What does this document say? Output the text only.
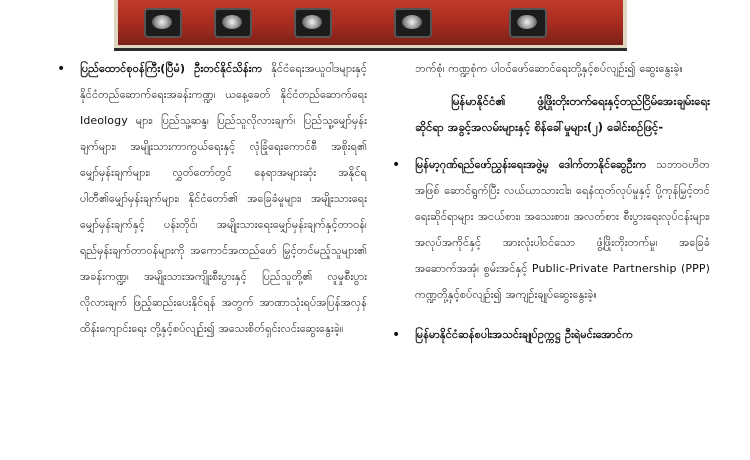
• ပြည်ထောင်စုဝန်ကြီး(ပြီမံ) ဦးတင်နိုင်သိန်းက နိုင်ငံရေးအယူဝါဒများနှင့် နိုင်ငံတည်ဆောက်ရေးအခန်းကဏ္ဍ၊ ယနေ့ခေတ် နိုင်ငံတည်ဆောက်ရေး Ideology များ၊ ပြည်သူ့ဆန္ဒ၊ ပြည်သူလိုလားချက်၊ ပြည်သူ့မျှော်မှန်းချက်များ၊ အမျိုးသားကာကွယ်ရေးနှင့် လုံခြုံရေးကောင်စီ အစိုးရ၏ မျှော်မှန်းချက်များ၊ လွှတ်တော်တွင် နေရာအများဆုံး အနိုင်ရပါတီ၏မျှော်မှန်းချက်များ၊ နိုင်ငံတော်၏ အခြေခံမူများ၊ အမျိုးသားရေးမျှော်မှန်းချက်နှင့် ပန်းတိုင်၊ အမျိုးသားရေးမျှော်မှန်းချက်နှင့်တာဝန်၊ ရည်မှန်းချက်တာဝန်များကို အကောင်အထည်ဖော် မြှင့်တင်မည့်သူများ၏ အခန်းကဏ္ဍ၊ အမျိုးသားအကျိုးစီးပွားနှင့် ပြည်သူတို့၏ လူမှုစီးပွားလိုလားချက် ဖြည့်ဆည်းပေးနိုင်ရန် အတွက် အာဏာသုံးရပ်အပြန်အလှန်ထိန်းကျောင်းရေး တို့နှင့်စပ်လျဉ်း၍ အသေးစိတ်ရှင်းလင်းဆွေးနွေးခဲ့။

ဘက်စုံ၊ ကဏ္ဍစုံက ပါဝင်ဖော်ဆောင်ရေးတို့နှင့်စပ်လျဉ်း၍ ဆွေးနွေးခဲ့။

မြန်မာနိုင်ငံ၏ ဖွံ့ဖြိုးတိုးတက်ရေးနှင့်တည်ငြိမ်အေးချမ်းရေးဆိုင်ရာ အခွင့်အလမ်းများနှင့် စိန်ခေါ်မှုများ(၂) ခေါင်းစဉ်ဖြင့်-

• မြန်မာ့ဂုဏ်ရည်ဖော်ညွှန်းရေးအဖွဲ့မှ ဒေါက်တာနိုင်ဆွေဦးက သဘာဝဟိတအဖြစ် ဆောင်ရွက်ပြီး လယ်ယာသားငါး၊ ရေနံထုတ်လုပ်မှုနှင့် ပို့ကုန်မြှင့်တင်ရေးဆိုင်ရာများ အငယ်စား၊ အသေးစား၊ အလတ်စား စီးပွားရေးလုပ်ငန်းများ၊ အလုပ်အကိုင်နှင့် အားလုံးပါဝင်သော ဖွံ့ဖြိုးတိုးတက်မှု၊ အခြေခံအဆောက်အအုံ၊ စွမ်းအင်နှင့် Public-Private Partnership (PPP) ကဏ္ဍတို့နှင့်စပ်လျဉ်း၍ အကျဉ်းချုပ်ဆွေးနွေးခဲ့။

• မြန်မာနိုင်ငံဆန်စပါးအသင်းချုပ်ဥက္ကဋ္ဌ ဦးရဲမင်းအောင်က
